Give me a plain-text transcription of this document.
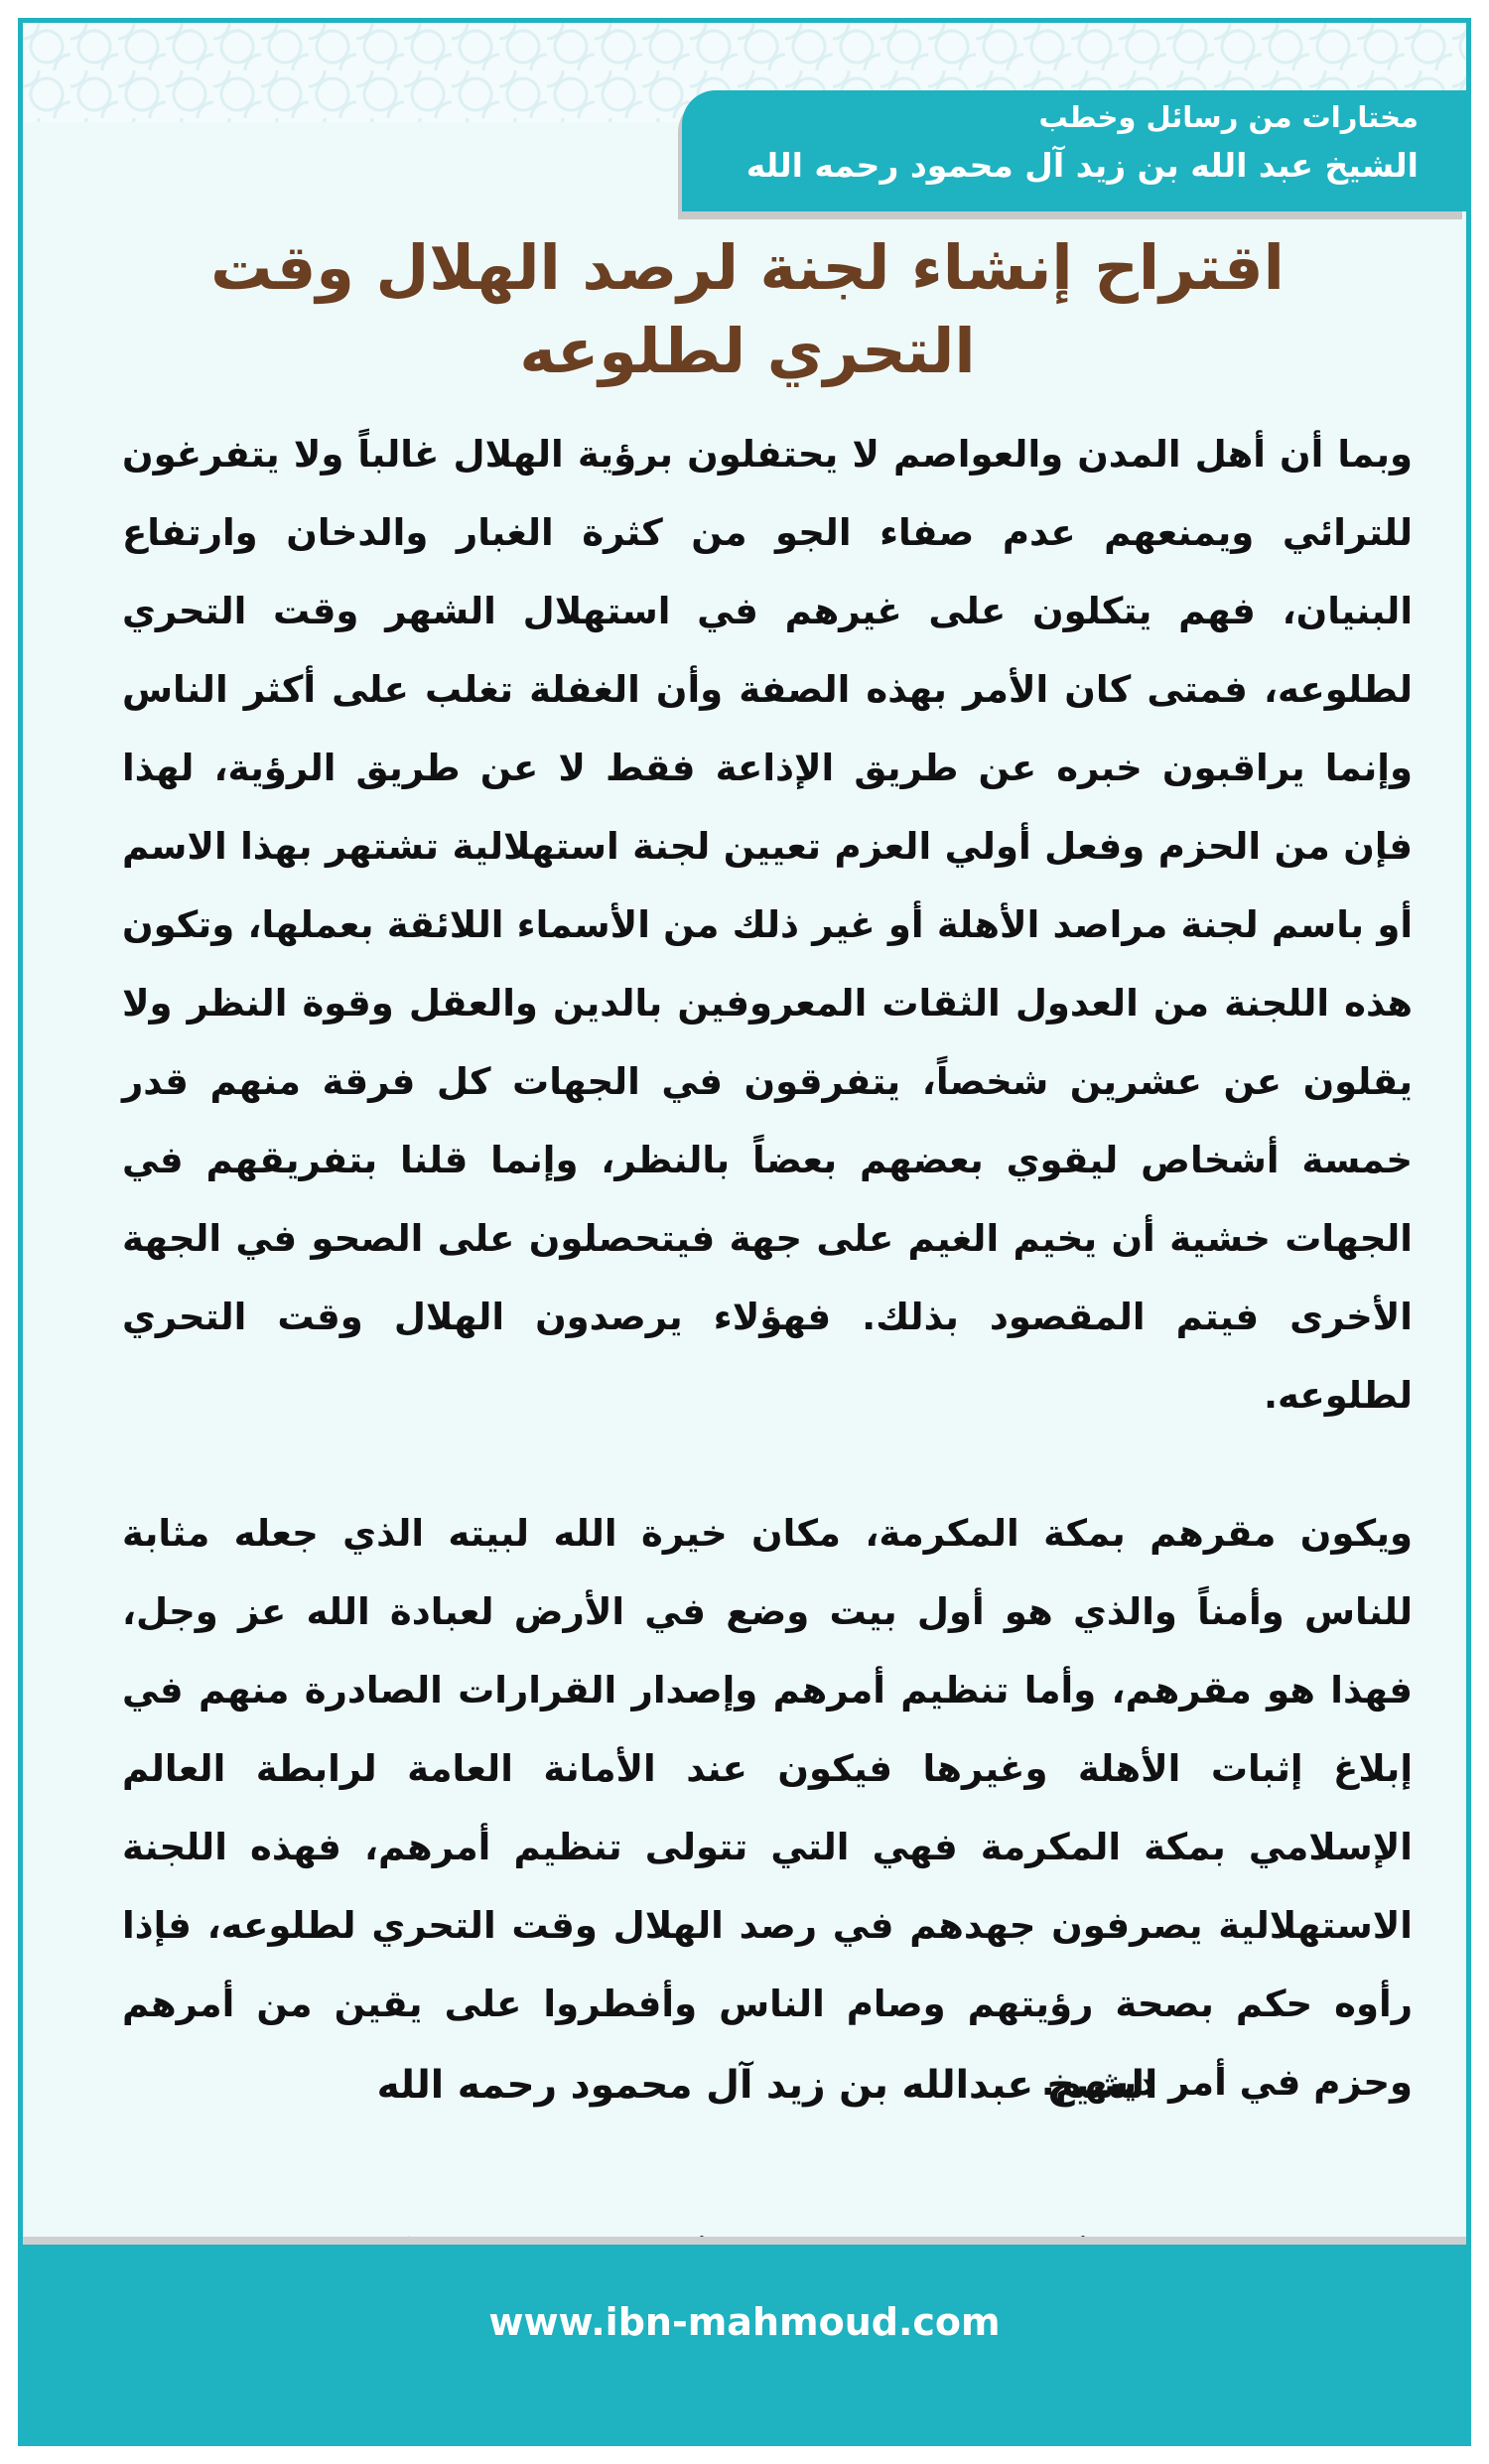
مختارات من رسائل وخطب
الشيخ عبد الله بن زيد آل محمود رحمه الله
اقتراح إنشاء لجنة لرصد الهلال وقت التحري لطلوعه

وبما أن أهل المدن والعواصم لا يحتفلون برؤية الهلال غالباً ولا يتفرغون للترائي ويمنعهم عدم صفاء الجو من كثرة الغبار والدخان وارتفاع البنيان، فهم يتكلون على غيرهم في استهلال الشهر وقت التحري لطلوعه، فمتى كان الأمر بهذه الصفة وأن الغفلة تغلب على أكثر الناس وإنما يراقبون خبره عن طريق الإذاعة فقط لا عن طريق الرؤية، لهذا فإن من الحزم وفعل أولي العزم تعيين لجنة استهلالية تشتهر بهذا الاسم أو باسم لجنة مراصد الأهلة أو غير ذلك من الأسماء اللائقة بعملها، وتكون هذه اللجنة من العدول الثقات المعروفين بالدين والعقل وقوة النظر ولا يقلون عن عشرين شخصاً، يتفرقون في الجهات كل فرقة منهم قدر خمسة أشخاص ليقوي بعضهم بعضاً بالنظر، وإنما قلنا بتفريقهم في الجهات خشية أن يخيم الغيم على جهة فيتحصلون على الصحو في الجهة الأخرى فيتم المقصود بذلك. فهؤلاء يرصدون الهلال وقت التحري لطلوعه.

ويكون مقرهم بمكة المكرمة، مكان خيرة الله لبيته الذي جعله مثابة للناس وأمناً والذي هو أول بيت وضع في الأرض لعبادة الله عز وجل، فهذا هو مقرهم، وأما تنظيم أمرهم وإصدار القرارات الصادرة منهم في إبلاغ إثبات الأهلة وغيرها فيكون عند الأمانة العامة لرابطة العالم الإسلامي بمكة المكرمة فهي التي تتولى تنظيم أمرهم، فهذه اللجنة الاستهلالية يصرفون جهدهم في رصد الهلال وقت التحري لطلوعه، فإذا رأوه حكم بصحة رؤيتهم وصام الناس وأفطروا على يقين من أمرهم وحزم في أمر دينهم.

الشيخ عبدالله بن زيد آل محمود رحمه الله
www.ibn-mahmoud.com
